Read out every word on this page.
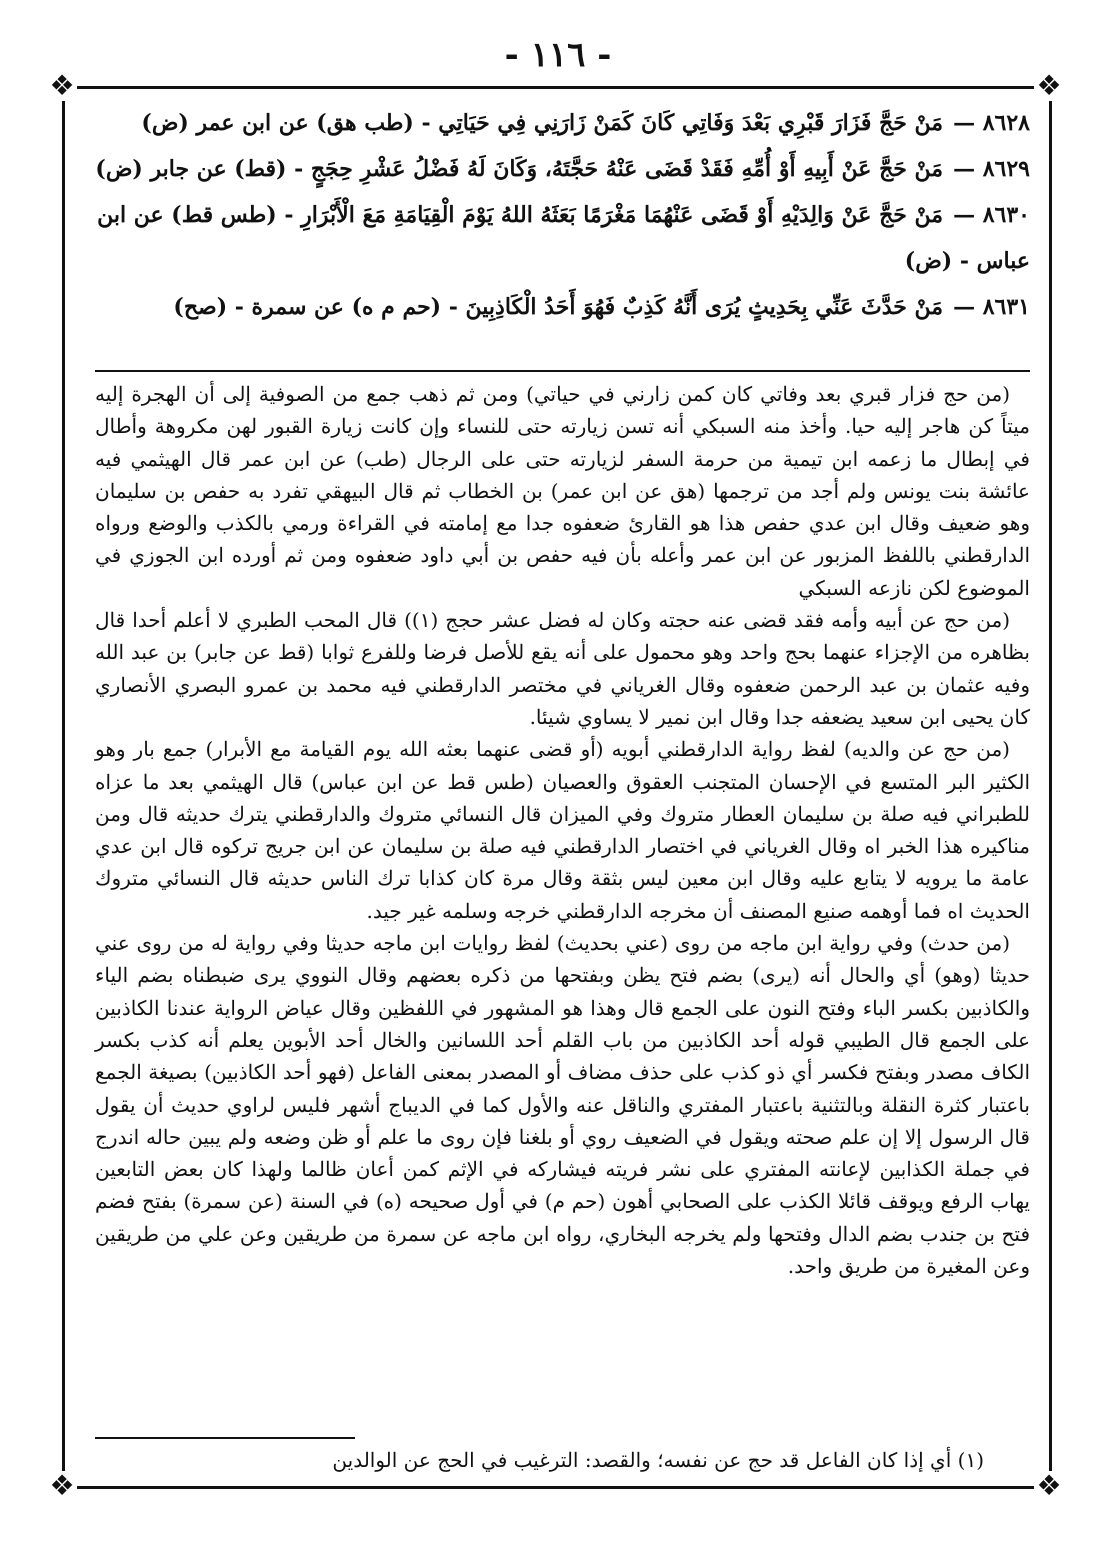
- ١١٦ -
❖	❖
❖	❖

٨٦٢٨ —مَنْ حَجَّ فَزَارَ قَبْرِي بَعْدَ وَفَاتِي كَانَ كَمَنْ زَارَنِي فِي حَيَاتِي - (طب هق) عن ابن عمر (ض)

٨٦٢٩ —مَنْ حَجَّ عَنْ أَبِيهِ أَوْ أُمِّهِ فَقَدْ قَضَى عَنْهُ حَجَّتَهُ، وَكَانَ لَهُ فَضْلُ عَشْرِ حِجَجٍ - (قط) عن جابر (ض)

٨٦٣٠ —مَنْ حَجَّ عَنْ وَالِدَيْهِ أَوْ قَضَى عَنْهُمَا مَغْرَمًا بَعَثَهُ اللهُ يَوْمَ الْقِيَامَةِ مَعَ الْأَبْرَارِ - (طس قط) عن ابن عباس - (ض)

٨٦٣١ —مَنْ حَدَّثَ عَنِّي بِحَدِيثٍ يُرَى أَنَّهُ كَذِبٌ فَهُوَ أَحَدُ الْكَاذِبِينَ - (حم م ه) عن سمرة - (صح)

(من حج فزار قبري بعد وفاتي كان كمن زارني في حياتي) ومن ثم ذهب جمع من الصوفية إلى أن الهجرة إليه ميتاً كن هاجر إليه حيا. وأخذ منه السبكي أنه تسن زيارته حتى للنساء وإن كانت زيارة القبور لهن مكروهة وأطال في إبطال ما زعمه ابن تيمية من حرمة السفر لزيارته حتى على الرجال (طب) عن ابن عمر قال الهيثمي فيه عائشة بنت يونس ولم أجد من ترجمها (هق عن ابن عمر) بن الخطاب ثم قال البيهقي تفرد به حفص بن سليمان وهو ضعيف وقال ابن عدي حفص هذا هو القارئ ضعفوه جدا مع إمامته في القراءة ورمي بالكذب والوضع ورواه الدارقطني باللفظ المزبور عن ابن عمر وأعله بأن فيه حفص بن أبي داود ضعفوه ومن ثم أورده ابن الجوزي في الموضوع لكن نازعه السبكي

(من حج عن أبيه وأمه فقد قضى عنه حجته وكان له فضل عشر حجج (١)) قال المحب الطبري لا أعلم أحدا قال بظاهره من الإجزاء عنهما بحج واحد وهو محمول على أنه يقع للأصل فرضا وللفرع ثوابا (قط عن جابر) بن عبد الله وفيه عثمان بن عبد الرحمن ضعفوه وقال الغرياني في مختصر الدارقطني فيه محمد بن عمرو البصري الأنصاري كان يحيى ابن سعيد يضعفه جدا وقال ابن نمير لا يساوي شيئا.

(من حج عن والديه) لفظ رواية الدارقطني أبويه (أو قضى عنهما بعثه الله يوم القيامة مع الأبرار) جمع بار وهو الكثير البر المتسع في الإحسان المتجنب العقوق والعصيان (طس قط عن ابن عباس) قال الهيثمي بعد ما عزاه للطبراني فيه صلة بن سليمان العطار متروك وفي الميزان قال النسائي متروك والدارقطني يترك حديثه قال ومن مناكيره هذا الخبر اه وقال الغرياني في اختصار الدارقطني فيه صلة بن سليمان عن ابن جريج تركوه قال ابن عدي عامة ما يرويه لا يتابع عليه وقال ابن معين ليس بثقة وقال مرة كان كذابا ترك الناس حديثه قال النسائي متروك الحديث اه فما أوهمه صنيع المصنف أن مخرجه الدارقطني خرجه وسلمه غير جيد.

(من حدث) وفي رواية ابن ماجه من روى (عني بحديث) لفظ روايات ابن ماجه حديثا وفي رواية له من روى عني حديثا (وهو) أي والحال أنه (يرى) بضم فتح يظن وبفتحها من ذكره بعضهم وقال النووي يرى ضبطناه بضم الياء والكاذبين بكسر الباء وفتح النون على الجمع قال وهذا هو المشهور في اللفظين وقال عياض الرواية عندنا الكاذبين على الجمع قال الطيبي قوله أحد الكاذبين من باب القلم أحد اللسانين والخال أحد الأبوين يعلم أنه كذب بكسر الكاف مصدر وبفتح فكسر أي ذو كذب على حذف مضاف أو المصدر بمعنى الفاعل (فهو أحد الكاذبين) بصيغة الجمع باعتبار كثرة النقلة وبالتثنية باعتبار المفتري والناقل عنه والأول كما في الديباج أشهر فليس لراوي حديث أن يقول قال الرسول إلا إن علم صحته ويقول في الضعيف روي أو بلغنا فإن روى ما علم أو ظن وضعه ولم يبين حاله اندرج في جملة الكذابين لإعانته المفتري على نشر فريته فيشاركه في الإثم كمن أعان ظالما ولهذا كان بعض التابعين يهاب الرفع ويوقف قائلا الكذب على الصحابي أهون (حم م) في أول صحيحه (ه) في السنة (عن سمرة) بفتح فضم فتح بن جندب بضم الدال وفتحها ولم يخرجه البخاري، رواه ابن ماجه عن سمرة من طريقين وعن علي من طريقين وعن المغيرة من طريق واحد.

(١) أي إذا كان الفاعل قد حج عن نفسه؛ والقصد: الترغيب في الحج عن الوالدين
